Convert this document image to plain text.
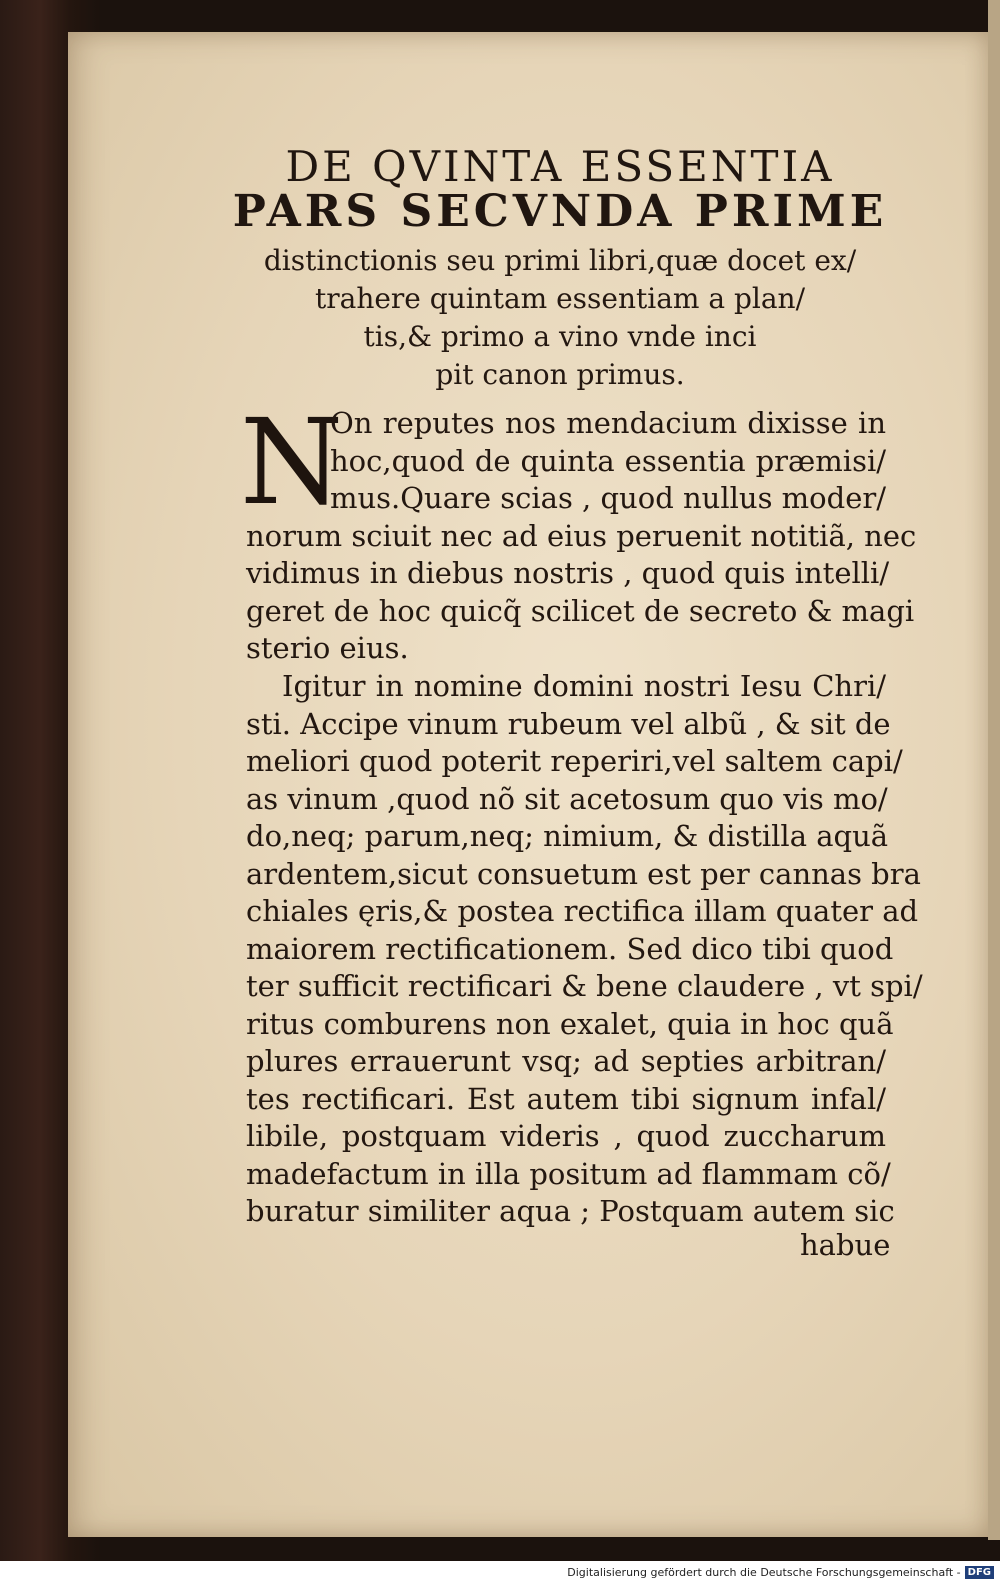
DE QVINTA ESSENTIA
PARS SECVNDA PRIME
distinctionis seu primi libri,quæ docet ex/
trahere quintam essentiam a plan/
tis,& primo a vino vnde inci
pit canon primus.
N
On reputes nos mendacium dixisse in
hoc,quod de quinta essentia præmisi/
mus.Quare scias , quod nullus moder/
norum sciuit nec ad eius peruenit notitiã, nec
vidimus in diebus nostris , quod quis intelli/
geret de hoc quicq̃ scilicet de secreto & magi
sterio eius.
Igitur in nomine domini nostri Iesu Chri/
sti. Accipe vinum rubeum vel albũ , & sit de
meliori quod poterit reperiri,vel saltem capi/
as vinum ,quod nõ sit acetosum quo vis mo/
do,neq; parum,neq; nimium, & distilla aquã
ardentem,sicut consuetum est per cannas bra
chiales ęris,& postea rectifica illam quater ad
maiorem rectificationem. Sed dico tibi quod
ter sufficit rectificari & bene claudere , vt spi/
ritus comburens non exalet, quia in hoc quã
plures errauerunt vsq; ad septies arbitran/
tes rectificari. Est autem tibi signum infal/
libile, postquam videris , quod zuccharum
madefactum in illa positum ad flammam cõ/
buratur similiter aqua ; Postquam autem sic
habue
Digitalisierung gefördert durch die Deutsche Forschungsgemeinschaft - DFG
